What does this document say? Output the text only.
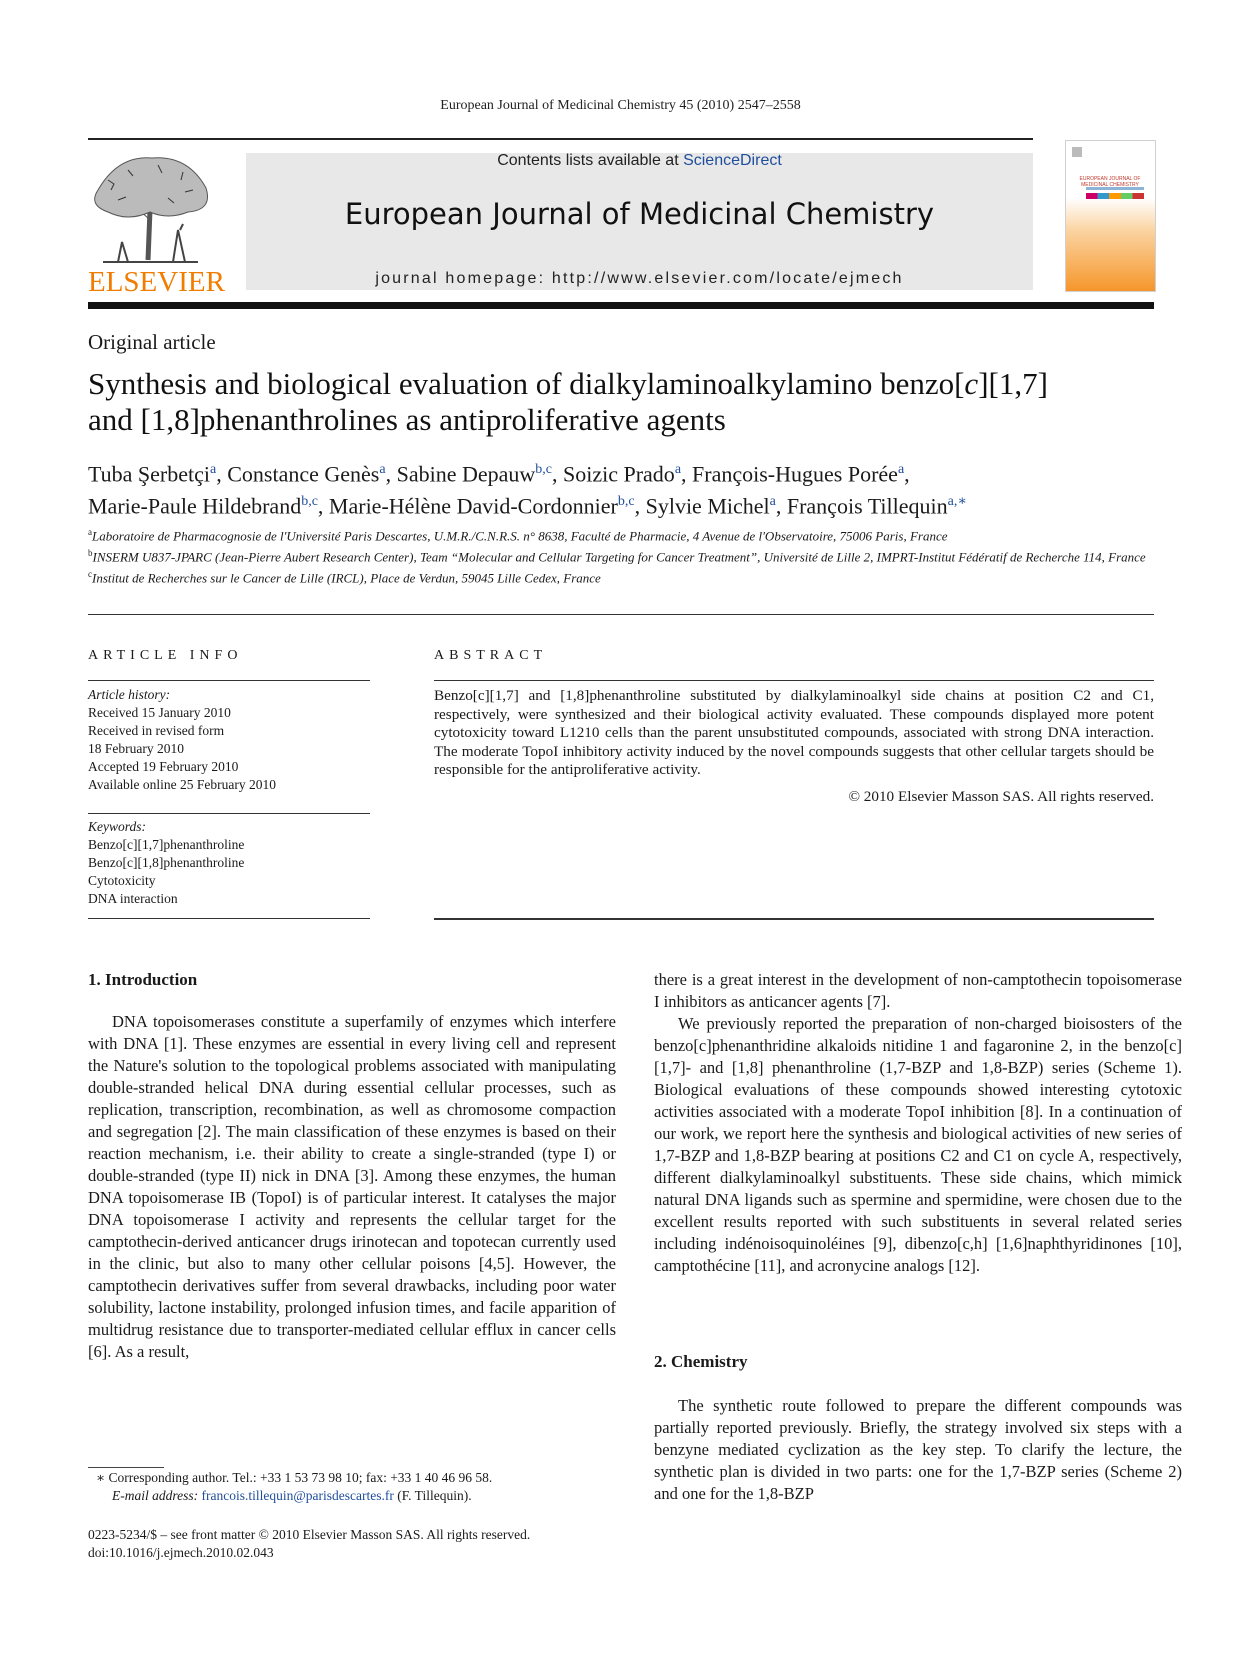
European Journal of Medicinal Chemistry 45 (2010) 2547–2558
ELSEVIER
Contents lists available at ScienceDirect
European Journal of Medicinal Chemistry
journal homepage: http://www.elsevier.com/locate/ejmech
EUROPEAN JOURNAL OF MEDICINAL CHEMISTRY
Original article
Synthesis and biological evaluation of dialkylaminoalkylamino benzo[c][1,7]
and [1,8]phenanthrolines as antiproliferative agents
Tuba Şerbetçi$^a$, Constance Genès$^a$, Sabine Depauw$^{b,c}$, Soizic Prado$^a$, François-Hugues Porée$^a$,
Marie-Paule Hildebrand$^{b,c}$, Marie-Hélène David-Cordonnier$^{b,c}$, Sylvie Michel$^a$, François Tillequin$^{a,∗}$
$^a$Laboratoire de Pharmacognosie de l'Université Paris Descartes, U.M.R./C.N.R.S. n° 8638, Faculté de Pharmacie, 4 Avenue de l'Observatoire, 75006 Paris, France
$^b$INSERM U837-JPARC (Jean-Pierre Aubert Research Center), Team “Molecular and Cellular Targeting for Cancer Treatment”, Université de Lille 2, IMPRT-Institut Fédératif de Recherche 114, France
$^c$Institut de Recherches sur le Cancer de Lille (IRCL), Place de Verdun, 59045 Lille Cedex, France
ARTICLE INFO	ABSTRACT
Article history:
Received 15 January 2010
Received in revised form
18 February 2010
Accepted 19 February 2010
Available online 25 February 2010
Keywords:
Benzo[c][1,7]phenanthroline
Benzo[c][1,8]phenanthroline
Cytotoxicity
DNA interaction
Benzo[c][1,7] and [1,8]phenanthroline substituted by dialkylaminoalkyl side chains at position C2 and C1, respectively, were synthesized and their biological activity evaluated. These compounds displayed more potent cytotoxicity toward L1210 cells than the parent unsubstituted compounds, associated with strong DNA interaction. The moderate TopoI inhibitory activity induced by the novel compounds suggests that other cellular targets should be responsible for the antiproliferative activity.
© 2010 Elsevier Masson SAS. All rights reserved.
1. Introduction

DNA topoisomerases constitute a superfamily of enzymes which interfere with DNA [1]. These enzymes are essential in every living cell and represent the Nature's solution to the topological problems associated with manipulating double-stranded helical DNA during essential cellular processes, such as replication, transcription, recombination, as well as chromosome compaction and segregation [2]. The main classification of these enzymes is based on their reaction mechanism, i.e. their ability to create a single-stranded (type I) or double-stranded (type II) nick in DNA [3]. Among these enzymes, the human DNA topoisomerase IB (TopoI) is of particular interest. It catalyses the major DNA topoisomerase I activity and represents the cellular target for the camptothecin-derived anticancer drugs irinotecan and topotecan currently used in the clinic, but also to many other cellular poisons [4,5]. However, the camptothecin derivatives suffer from several drawbacks, including poor water solubility, lactone instability, prolonged infusion times, and facile apparition of multidrug resistance due to transporter-mediated cellular efflux in cancer cells [6]. As a result,

there is a great interest in the development of non-camptothecin topoisomerase I inhibitors as anticancer agents [7].

We previously reported the preparation of non-charged bioisosters of the benzo[c]phenanthridine alkaloids nitidine 1 and fagaronine 2, in the benzo[c][1,7]- and [1,8] phenanthroline (1,7-BZP and 1,8-BZP) series (Scheme 1). Biological evaluations of these compounds showed interesting cytotoxic activities associated with a moderate TopoI inhibition [8]. In a continuation of our work, we report here the synthesis and biological activities of new series of 1,7-BZP and 1,8-BZP bearing at positions C2 and C1 on cycle A, respectively, different dialkylaminoalkyl substituents. These side chains, which mimick natural DNA ligands such as spermine and spermidine, were chosen due to the excellent results reported with such substituents in several related series including indénoisoquinoléines [9], dibenzo[c,h] [1,6]naphthyridinones [10], camptothécine [11], and acronycine analogs [12].

2. Chemistry

The synthetic route followed to prepare the different compounds was partially reported previously. Briefly, the strategy involved six steps with a benzyne mediated cyclization as the key step. To clarify the lecture, the synthetic plan is divided in two parts: one for the 1,7-BZP series (Scheme 2) and one for the 1,8-BZP

∗ Corresponding author. Tel.: +33 1 53 73 98 10; fax: +33 1 40 46 96 58.
E-mail address: francois.tillequin@parisdescartes.fr (F. Tillequin).
0223-5234/$ – see front matter © 2010 Elsevier Masson SAS. All rights reserved.
doi:10.1016/j.ejmech.2010.02.043
